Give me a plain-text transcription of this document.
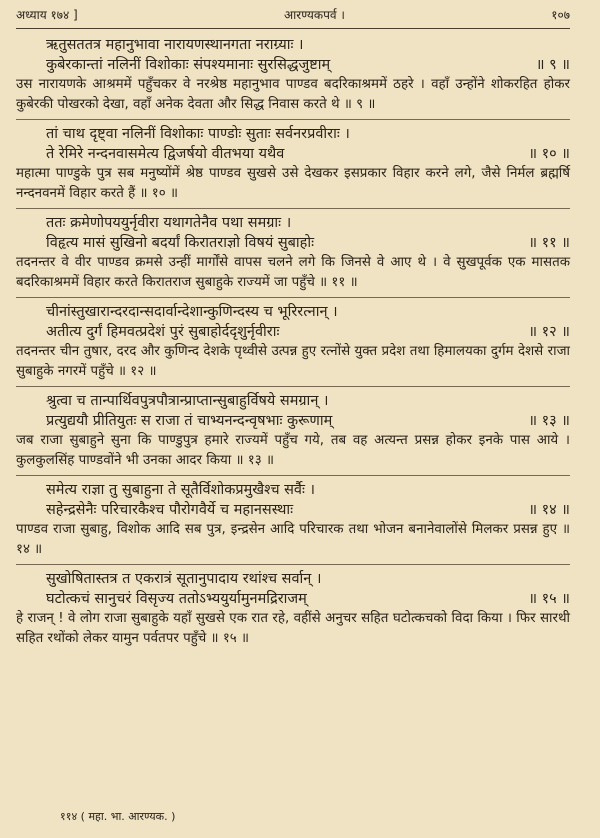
अध्याय १७४ ]	आरण्यकपर्व ।	१०७
ऋतुसततत्र महानुभावा नारायणस्थानगता नराग्र्याः ।
कुबेरकान्तां नलिनीं विशोकाः संपश्यमानाः सुरसिद्धजुष्टाम्	॥ ९ ॥
उस नारायणके आश्रममें पहुँचकर वे नरश्रेष्ठ महानुभाव पाण्डव बदरिकाश्रममें ठहरे । वहाँ उन्होंने शोकरहित होकर कुबेरकी पोखरको देखा, वहाँ अनेक देवता और सिद्ध निवास करते थे ॥ ९ ॥
तां चाथ दृष्ट्वा नलिनीं विशोकाः पाण्डोः सुताः सर्वनरप्रवीराः ।
ते रेमिरे नन्दनवासमेत्य द्विजर्षयो वीतभया यथैव	॥ १० ॥
महात्मा पाण्डुके पुत्र सब मनुष्योंमें श्रेष्ठ पाण्डव सुखसे उसे देखकर इसप्रकार विहार करने लगे, जैसे निर्मल ब्रह्मर्षि नन्दनवनमें विहार करते हैं ॥ १० ॥
ततः क्रमेणोपययुर्नृवीरा यथागतेनैव पथा समग्राः ।
विहृत्य मासं सुखिनो बदर्यां किरातराज्ञो विषयं सुबाहोः	॥ ११ ॥
तदनन्तर वे वीर पाण्डव क्रमसे उन्हीं मार्गोंसे वापस चलने लगे कि जिनसे वे आए थे । वे सुखपूर्वक एक मासतक बदरिकाश्रममें विहार करते किरातराज सुबाहुके राज्यमें जा पहुँचे ॥ ११ ॥
चीनांस्तुखारान्दरदान्सदार्वान्देशान्कुणिन्दस्य च भूरिरत्नान् ।
अतीत्य दुर्गं हिमवत्प्रदेशं पुरं सुबाहोर्ददृशुर्नृवीराः	॥ १२ ॥
तदनन्तर चीन तुषार, दरद और कुणिन्द देशके पृथ्वीसे उत्पन्न हुए रत्नोंसे युक्त प्रदेश तथा हिमालयका दुर्गम देशसे राजा सुबाहुके नगरमें पहुँचे ॥ १२ ॥
श्रुत्वा च तान्पार्थिवपुत्रपौत्रान्प्राप्तान्सुबाहुर्विषये समग्रान् ।
प्रत्युद्ययौ प्रीतियुतः स राजा तं चाभ्यनन्दन्वृषभाः कुरूणाम्	॥ १३ ॥
जब राजा सुबाहुने सुना कि पाण्डुपुत्र हमारे राज्यमें पहुँच गये, तब वह अत्यन्त प्रसन्न होकर इनके पास आये । कुलकुलसिंह पाण्डवोंने भी उनका आदर किया ॥ १३ ॥
समेत्य राज्ञा तु सुबाहुना ते सूतैर्विशोकप्रमुखैश्च सर्वैः ।
सहेन्द्रसेनैः परिचारकैश्च पौरोगवैर्ये च महानसस्थाः	॥ १४ ॥
पाण्डव राजा सुबाहु, विशोक आदि सब पुत्र, इन्द्रसेन आदि परिचारक तथा भोजन बनानेवालोंसे मिलकर प्रसन्न हुए ॥ १४ ॥
सुखोषितास्तत्र त एकरात्रं सूतानुपादाय रथांश्च सर्वान् ।
घटोत्कचं सानुचरं विसृज्य ततोऽभ्ययुर्यामुनमद्रिराजम्	॥ १५ ॥
हे राजन् ! वे लोग राजा सुबाहुके यहाँ सुखसे एक रात रहे, वहींसे अनुचर सहित घटोत्कचको विदा किया । फिर सारथी सहित रथोंको लेकर यामुन पर्वतपर पहुँचे ॥ १५ ॥
११४ ( महा. भा. आरण्यक. )
